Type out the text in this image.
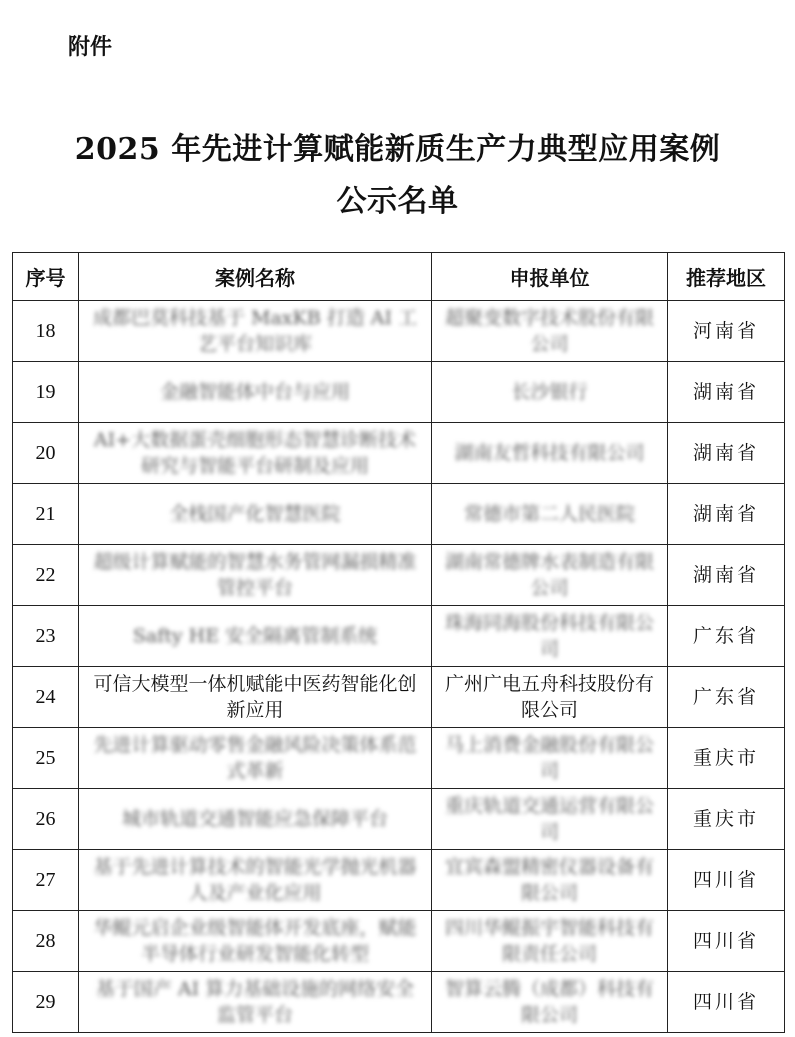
附件
2025 年先进计算赋能新质生产力典型应用案例
公示名单
序号	案例名称	申报单位	推荐地区
18	成都巴莫科技基于 MaxKB 打造 AI 工艺平台知识库	超聚变数字技术股份有限公司	河南省
19	金融智能体中台与应用	长沙银行	湖南省
20	AI+大数据蛋壳细胞形态智慧诊断技术研究与智能平台研制及应用	湖南友哲科技有限公司	湖南省
21	全栈国产化智慧医院	常德市第二人民医院	湖南省
22	超级计算赋能的智慧水务管网漏损精准管控平台	湖南常德牌水表制造有限公司	湖南省
23	Safty HE 安全隔离管制系统	珠海同海股份科技有限公司	广东省
24	可信大模型一体机赋能中医药智能化创新应用	广州广电五舟科技股份有限公司	广东省
25	先进计算驱动零售金融风险决策体系范式革新	马上消费金融股份有限公司	重庆市
26	城市轨道交通智能应急保障平台	重庆轨道交通运营有限公司	重庆市
27	基于先进计算技术的智能光学抛光机器人及产业化应用	宜宾森盟精密仪器设备有限公司	四川省
28	华鲲元启企业级智能体开发底座，赋能半导体行业研发智能化转型	四川华鲲振宇智能科技有限责任公司	四川省
29	基于国产 AI 算力基础设施的网络安全监管平台	智算云腾（成都）科技有限公司	四川省
